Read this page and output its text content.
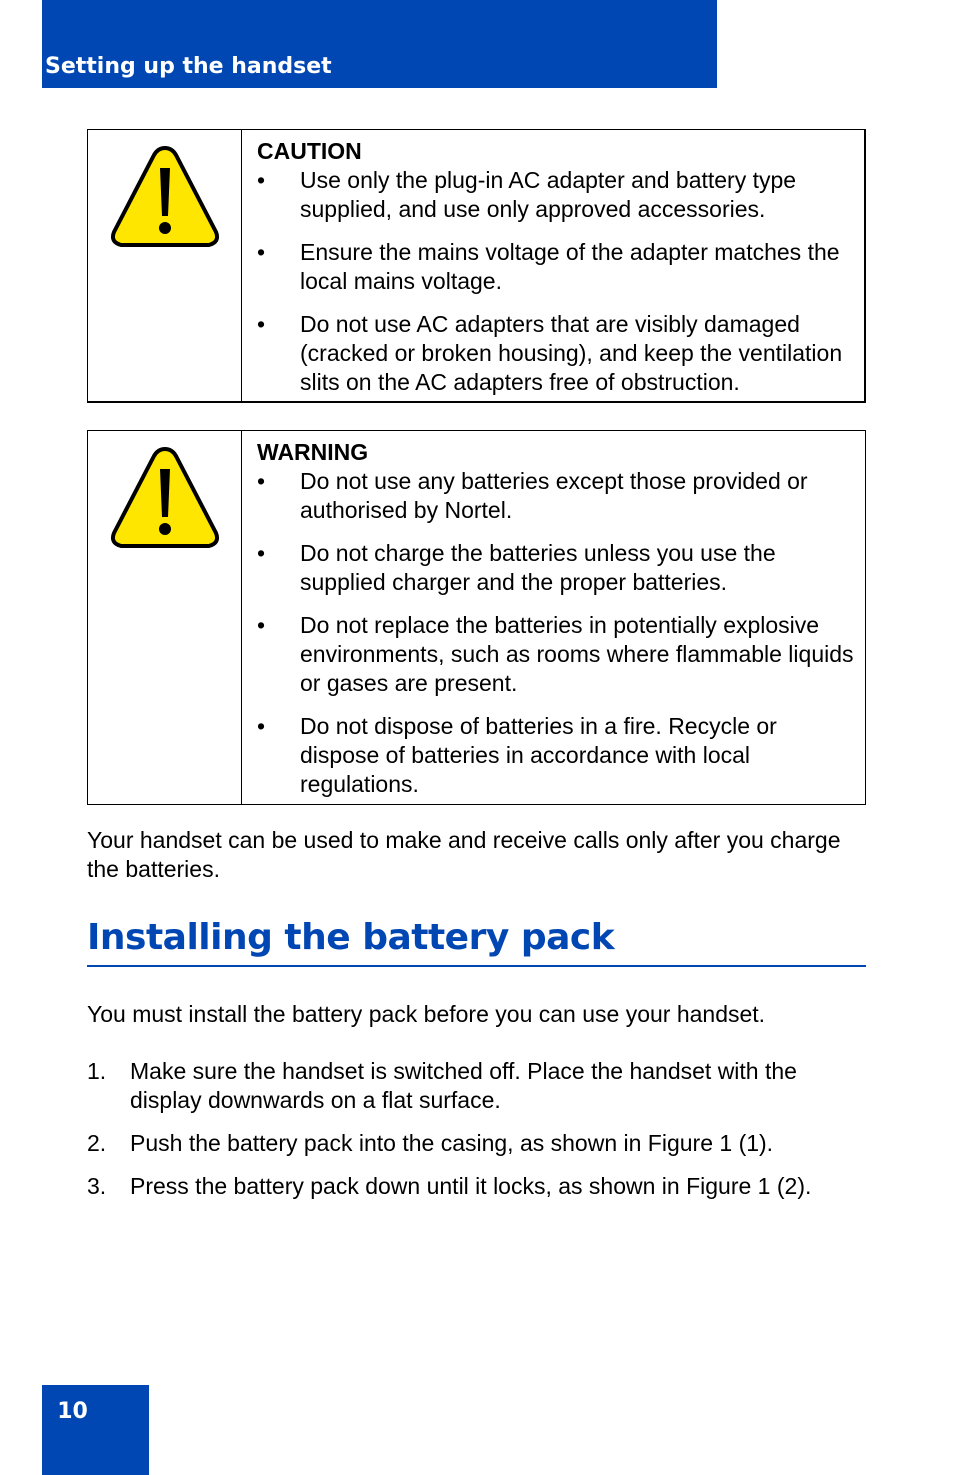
Setting up the handset

CAUTION

• Use only the plug-in AC adapter and battery type supplied, and use only approved accessories.
• Ensure the mains voltage of the adapter matches the local mains voltage.
• Do not use AC adapters that are visibly damaged (cracked or broken housing), and keep the ventilation slits on the AC adapters free of obstruction.

WARNING

• Do not use any batteries except those provided or authorised by Nortel.
• Do not charge the batteries unless you use the supplied charger and the proper batteries.
• Do not replace the batteries in potentially explosive environments, such as rooms where flammable liquids or gases are present.
• Do not dispose of batteries in a fire. Recycle or dispose of batteries in accordance with local regulations.

Your handset can be used to make and receive calls only after you charge the batteries.

Installing the battery pack

You must install the battery pack before you can use your handset.

1. Make sure the handset is switched off. Place the handset with the display downwards on a flat surface.
2. Push the battery pack into the casing, as shown in Figure 1 (1).
3. Press the battery pack down until it locks, as shown in Figure 1 (2).
10
